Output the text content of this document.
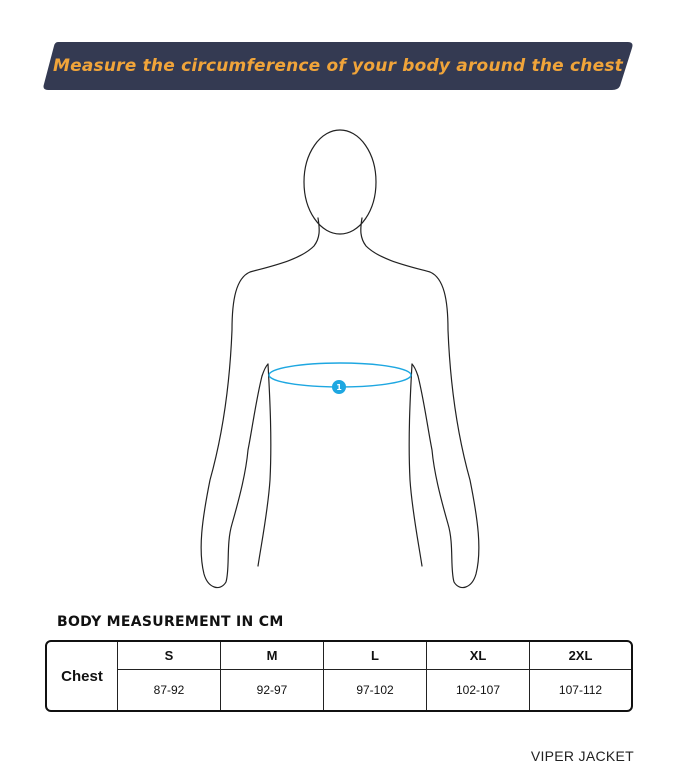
Measure the circumference of your body around the chest
1
BODY MEASUREMENT IN CM
Chest
S	M	L	XL	2XL
87-92	92-97	97-102	102-107	107-112
VIPER JACKET
